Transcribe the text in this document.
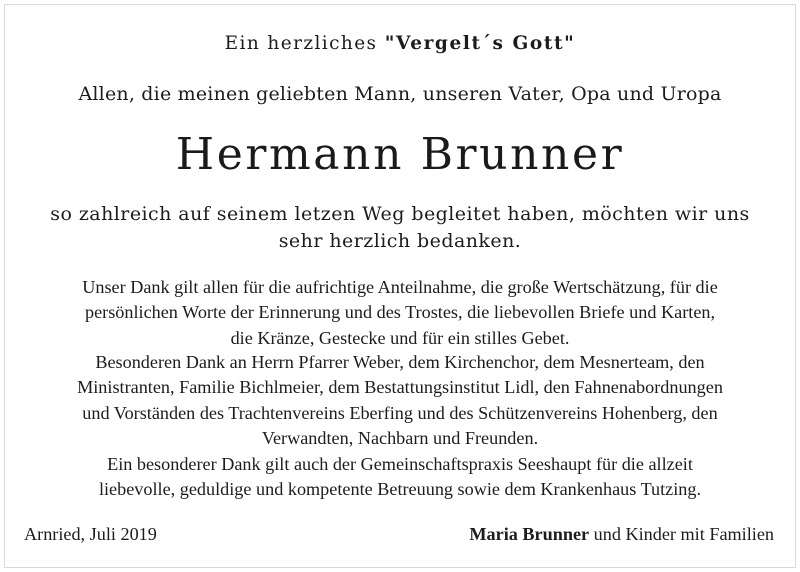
Ein herzliches "Vergelt´s Gott"
Allen, die meinen geliebten Mann, unseren Vater, Opa und Uropa
Hermann Brunner
so zahlreich auf seinem letzen Weg begleitet haben, möchten wir uns
sehr herzlich bedanken.
Unser Dank gilt allen für die aufrichtige Anteilnahme, die große Wertschätzung, für die
persönlichen Worte der Erinnerung und des Trostes, die liebevollen Briefe und Karten,
die Kränze, Gestecke und für ein stilles Gebet.
Besonderen Dank an Herrn Pfarrer Weber, dem Kirchenchor, dem Mesnerteam, den
Ministranten, Familie Bichlmeier, dem Bestattungsinstitut Lidl, den Fahnenabordnungen
und Vorständen des Trachtenvereins Eberfing und des Schützenvereins Hohenberg, den
Verwandten, Nachbarn und Freunden.
Ein besonderer Dank gilt auch der Gemeinschaftspraxis Seeshaupt für die allzeit
liebevolle, geduldige und kompetente Betreuung sowie dem Krankenhaus Tutzing.
Arnried, Juli 2019	Maria Brunner und Kinder mit Familien
